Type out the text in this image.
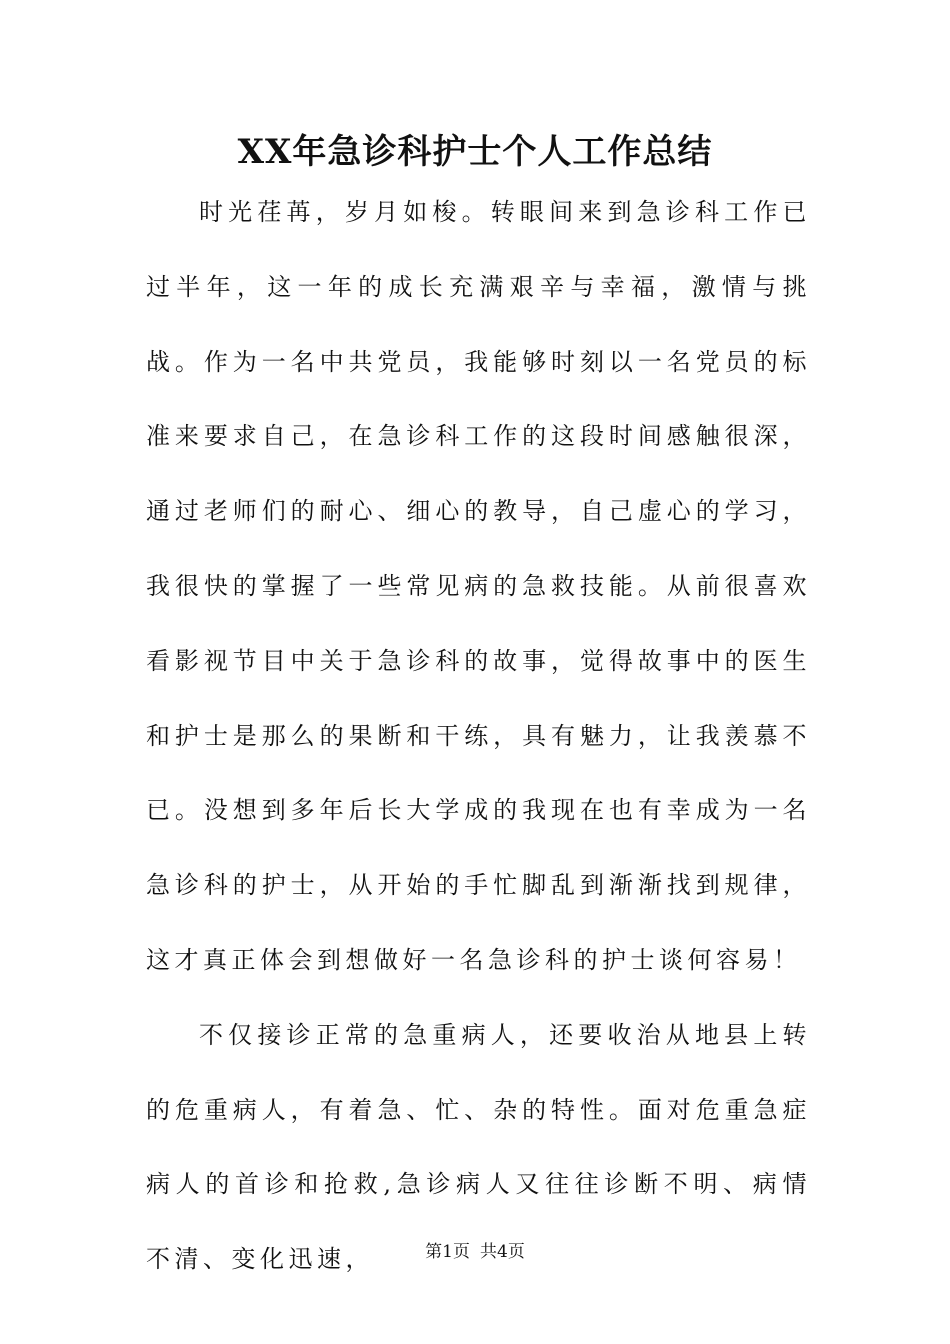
XX年急诊科护士个人工作总结

时光荏苒，岁月如梭。转眼间来到急诊科工作已过半年，这一年的成长充满艰辛与幸福，激情与挑战。作为一名中共党员，我能够时刻以一名党员的标准来要求自己，在急诊科工作的这段时间感触很深，通过老师们的耐心、细心的教导，自己虚心的学习，我很快的掌握了一些常见病的急救技能。从前很喜欢看影视节目中关于急诊科的故事，觉得故事中的医生和护士是那么的果断和干练，具有魅力，让我羡慕不已。没想到多年后长大学成的我现在也有幸成为一名急诊科的护士，从开始的手忙脚乱到渐渐找到规律，这才真正体会到想做好一名急诊科的护士谈何容易！

不仅接诊正常的急重病人，还要收治从地县上转的危重病人，有着急、忙、杂的特性。面对危重急症病人的首诊和抢救,急诊病人又往往诊断不明、病情不清、变化迅速，	第1页 共4页
